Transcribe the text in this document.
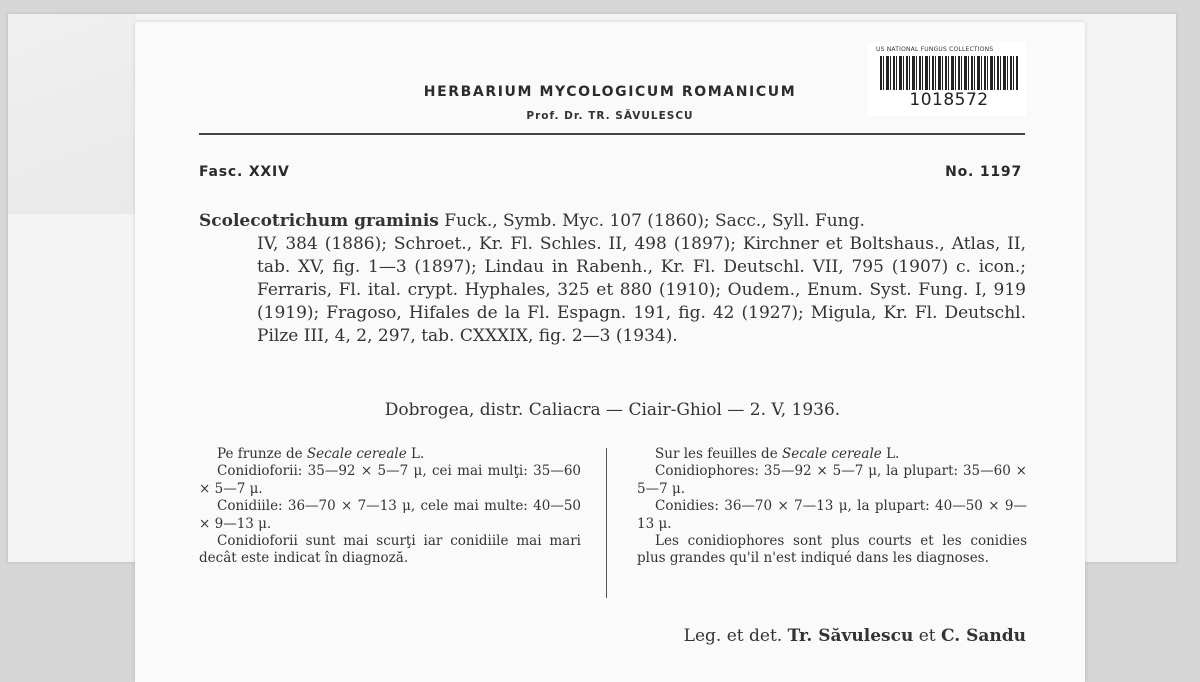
US NATIONAL FUNGUS COLLECTIONS
1018572
HERBARIUM MYCOLOGICUM ROMANICUM
Prof. Dr. TR. SĂVULESCU
Fasc. XXIV	No. 1197

Scolecotrichum graminis Fuck., Symb. Myc. 107 (1860); Sacc., Syll. Fung.

IV, 384 (1886); Schroet., Kr. Fl. Schles. II, 498 (1897); Kirchner et Boltshaus., Atlas, II, tab. XV, fig. 1—3 (1897); Lindau in Rabenh., Kr. Fl. Deutschl. VII, 795 (1907) c. icon.; Ferraris, Fl. ital. crypt. Hyphales, 325 et 880 (1910); Oudem., Enum. Syst. Fung. I, 919 (1919); Fragoso, Hifales de la Fl. Espagn. 191, fig. 42 (1927); Migula, Kr. Fl. Deutschl. Pilze III, 4, 2, 297, tab. CXXXIX, fig. 2—3 (1934).

Dobrogea, distr. Caliacra — Ciair-Ghiol — 2. V, 1936.

Pe frunze de Secale cereale L.

Conidioforii: 35—92 × 5—7 μ, cei mai mulţi: 35—60 × 5—7 μ.

Conidiile: 36—70 × 7—13 μ, cele mai multe: 40—50 × 9—13 μ.

Conidioforii sunt mai scurţi iar conidiile mai mari decât este indicat în diagnoză.

Sur les feuilles de Secale cereale L.

Conidiophores: 35—92 × 5—7 μ, la plupart: 35—60 × 5—7 μ.

Conidies: 36—70 × 7—13 μ, la plupart: 40—50 × 9—13 μ.

Les conidiophores sont plus courts et les conidies plus grandes qu'il n'est indiqué dans les diagnoses.

Leg. et det. Tr. Săvulescu et C. Sandu
